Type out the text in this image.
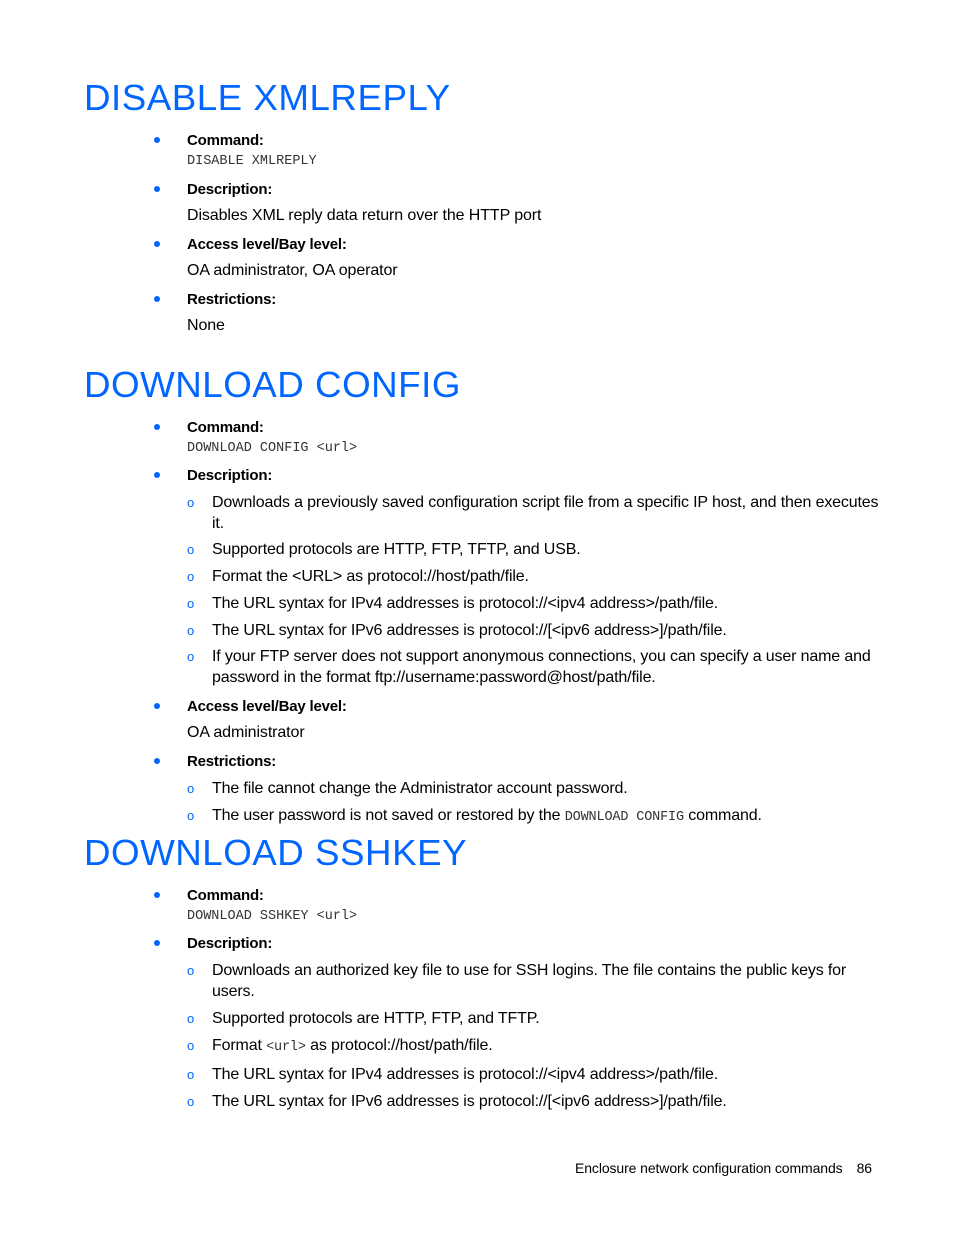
DISABLE XMLREPLY
Command:
DISABLE XMLREPLY
Description:
Disables XML reply data return over the HTTP port
Access level/Bay level:
OA administrator, OA operator
Restrictions:
None
DOWNLOAD CONFIG
Command:
DOWNLOAD CONFIG <url>
Description:
o Downloads a previously saved configuration script file from a specific IP host, and then executes it.
o Supported protocols are HTTP, FTP, TFTP, and USB.
o Format the <URL> as protocol://host/path/file.
o The URL syntax for IPv4 addresses is protocol://<ipv4 address>/path/file.
o The URL syntax for IPv6 addresses is protocol://[<ipv6 address>]/path/file.
o If your FTP server does not support anonymous connections, you can specify a user name and password in the format ftp://username:password@host/path/file.
Access level/Bay level:
OA administrator
Restrictions:
o The file cannot change the Administrator account password.
o The user password is not saved or restored by the DOWNLOAD CONFIG command.
DOWNLOAD SSHKEY
Command:
DOWNLOAD SSHKEY <url>
Description:
o Downloads an authorized key file to use for SSH logins. The file contains the public keys for users.
o Supported protocols are HTTP, FTP, and TFTP.
o Format <url> as protocol://host/path/file.
o The URL syntax for IPv4 addresses is protocol://<ipv4 address>/path/file.
o The URL syntax for IPv6 addresses is protocol://[<ipv6 address>]/path/file.
Enclosure network configuration commands 86
